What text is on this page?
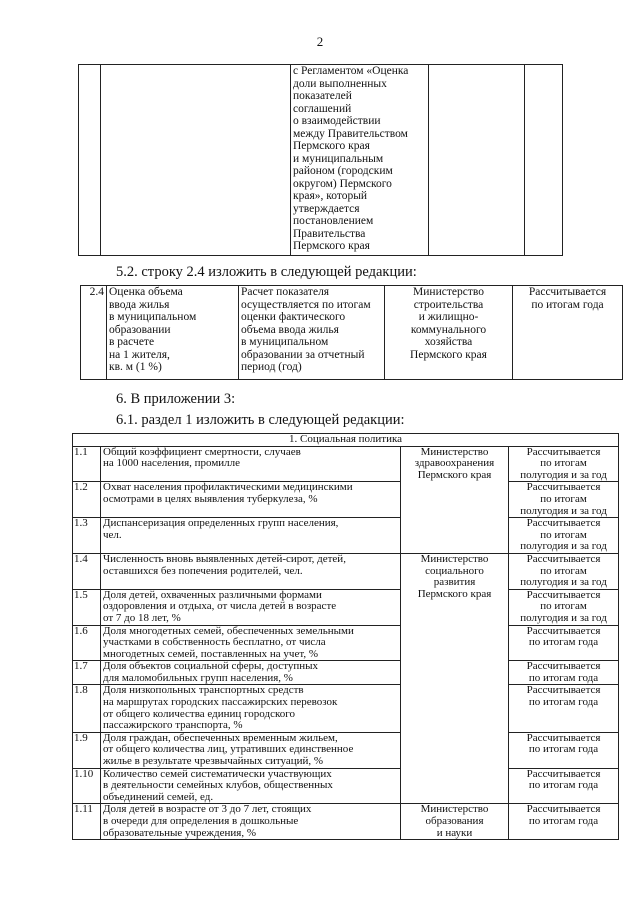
2
		с Регламентом «Оценка
доли выполненных
показателей
соглашений
о взаимодействии
между Правительством
Пермского края
и муниципальным
районом (городским
округом) Пермского
края», который
утверждается
постановлением
Правительства
Пермского края		
5.2. строку 2.4 изложить в следующей редакции:
2.4	Оценка объема
ввода жилья
в муниципальном
образовании
в расчете
на 1 жителя,
кв. м (1 %)	Расчет показателя
осуществляется по итогам
оценки фактического
объема ввода жилья
в муниципальном
образовании за отчетный
период (год)	Министерство
строительства
и жилищно-
коммунального
хозяйства
Пермского края	Рассчитывается
по итогам года
6. В приложении 3:
6.1. раздел 1 изложить в следующей редакции:
1. Социальная политика			
1.1	Общий коэффициент смертности, случаев
на 1000 населения, промилле	Министерство
здравоохранения
Пермского края	Рассчитывается
по итогам
полугодия и за год
1.2	Охват населения профилактическими медицинскими
осмотрами в целях выявления туберкулеза, %		Рассчитывается
по итогам
полугодия и за год
1.3	Диспансеризация определенных групп населения,
чел.		Рассчитывается
по итогам
полугодия и за год
1.4	Численность вновь выявленных детей-сирот, детей,
оставшихся без попечения родителей, чел.	Министерство
социального
развития
Пермского края	Рассчитывается
по итогам
полугодия и за год
1.5	Доля детей, охваченных различными формами
оздоровления и отдыха, от числа детей в возрасте
от 7 до 18 лет, %		Рассчитывается
по итогам
полугодия и за год
1.6	Доля многодетных семей, обеспеченных земельными
участками в собственность бесплатно, от числа
многодетных семей, поставленных на учет, %		Рассчитывается
по итогам года
1.7	Доля объектов социальной сферы, доступных
для маломобильных групп населения, %		Рассчитывается
по итогам года
1.8	Доля низкопольных транспортных средств
на маршрутах городских пассажирских перевозок
от общего количества единиц городского
пассажирского транспорта, %		Рассчитывается
по итогам года
1.9	Доля граждан, обеспеченных временным жильем,
от общего количества лиц, утративших единственное
жилье в результате чрезвычайных ситуаций, %		Рассчитывается
по итогам года
1.10	Количество семей систематически участвующих
в деятельности семейных клубов, общественных
объединений семей, ед.		Рассчитывается
по итогам года
1.11	Доля детей в возрасте от 3 до 7 лет, стоящих
в очереди для определения в дошкольные
образовательные учреждения, %	Министерство
образования
и науки	Рассчитывается
по итогам года
